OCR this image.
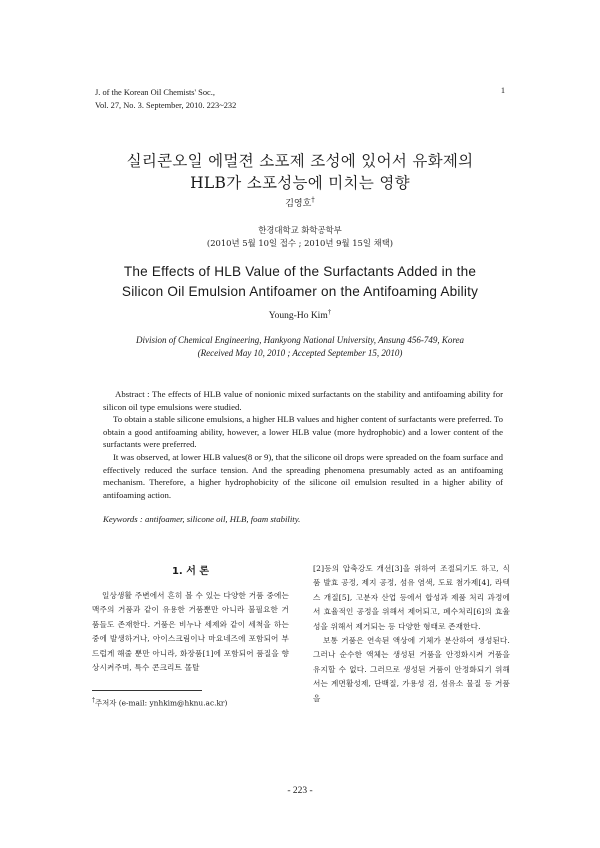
J. of the Korean Oil Chemists' Soc.,
Vol. 27, No. 3. September, 2010. 223~232
1
실리콘오일 에멀젼 소포제 조성에 있어서 유화제의
HLB가 소포성능에 미치는 영향
김영호†
한경대학교 화학공학부
(2010년 5월 10일 접수 ; 2010년 9월 15일 채택)
The Effects of HLB Value of the Surfactants Added in the
Silicon Oil Emulsion Antifoamer on the Antifoaming Ability
Young-Ho Kim†
Division of Chemical Engineering, Hankyong National University, Ansung 456-749, Korea
(Received May 10, 2010 ; Accepted September 15, 2010)

Abstract : The effects of HLB value of nonionic mixed surfactants on the stability and antifoaming ability for silicon oil type emulsions were studied.

To obtain a stable silicone emulsions, a higher HLB values and higher content of surfactants were preferred. To obtain a good antifoaming ability, however, a lower HLB value (more hydrophobic) and a lower content of the surfactants were preferred.

It was observed, at lower HLB values(8 or 9), that the silicone oil drops were spreaded on the foam surface and effectively reduced the surface tension. And the spreading phenomena presumably acted as an antifoaming mechanism. Therefore, a higher hydrophobicity of the silicone oil emulsion resulted in a higher ability of antifoaming action.

Keywords : antifoamer, silicone oil, HLB, foam stability.
1. 서 론

일상생활 주변에서 흔히 볼 수 있는 다양한 거품 중에는 맥주의 거품과 같이 유용한 거품뿐만 아니라 불필요한 거품들도 존재한다. 거품은 비누나 세제와 같이 세척을 하는 중에 발생하거나, 아이스크림이나 마요네즈에 포함되어 부드럽게 해줄 뿐만 아니라, 화장품[1]에 포함되어 품질을 향상시켜주며, 특수 콘크리트 몰탈

[2]등의 압축강도 개선[3]을 위하여 조절되기도 하고, 식품 발효 공정, 제지 공정, 섬유 염색, 도료 첨가제[4], 라텍스 개질[5], 고분자 산업 등에서 합성과 제품 처리 과정에서 효율적인 공정을 위해서 제어되고, 폐수처리[6]의 효율성을 위해서 제거되는 등 다양한 형태로 존재한다.

보통 거품은 연속된 액상에 기체가 분산하여 생성된다. 그러나 순수한 액체는 생성된 거품을 안정화시켜 거품을 유지할 수 없다. 그러므로 생성된 거품이 안정화되기 위해서는 계면활성제, 단백질, 가용성 검, 섬유소 물질 등 거품을

†주저자 (e-mail: ynhkim@hknu.ac.kr)
- 223 -
